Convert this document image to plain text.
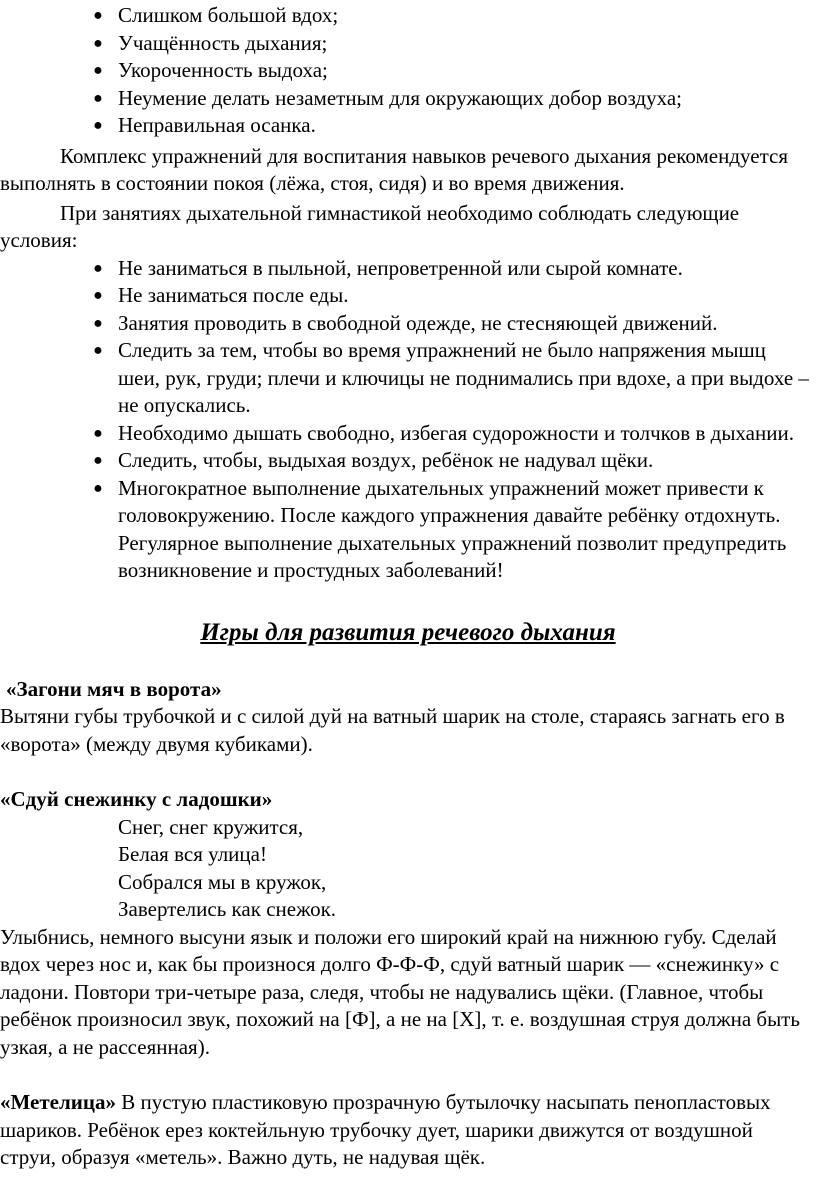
● Слишком большой вдох;
● Учащённость дыхания;
● Укороченность выдоха;
● Неумение делать незаметным для окружающих добор воздуха;
● Неправильная осанка.

Комплекс упражнений для воспитания навыков речевого дыхания рекомендуется выполнять в состоянии покоя (лёжа, стоя, сидя) и во время движения.

При занятиях дыхательной гимнастикой необходимо соблюдать следующие условия:

● Не заниматься в пыльной, непроветренной или сырой комнате.
● Не заниматься после еды.
● Занятия проводить в свободной одежде, не стесняющей движений.
● Следить за тем, чтобы во время упражнений не было напряжения мышц шеи, рук, груди; плечи и ключицы не поднимались при вдохе, а при выдохе – не опускались.
● Необходимо дышать свободно, избегая судорожности и толчков в дыхании.
● Следить, чтобы, выдыхая воздух, ребёнок не надувал щёки.
● Многократное выполнение дыхательных упражнений может привести к головокружению. После каждого упражнения давайте ребёнку отдохнуть. Регулярное выполнение дыхательных упражнений позволит предупредить возникновение и простудных заболеваний!
Игры для развития речевого дыхания

«Загони мяч в ворота»

Вытяни губы трубочкой и с силой дуй на ватный шарик на столе, стараясь загнать его в «ворота» (между двумя кубиками).

«Сдуй снежинку с ладошки»

Снег, снег кружится,

Белая вся улица!

Собрался мы в кружок,

Завертелись как снежок.

Улыбнись, немного высуни язык и положи его широкий край на нижнюю губу. Сделай вдох через нос и, как бы произнося долго Ф-Ф-Ф, сдуй ватный шарик — «снежинку» с ладони. Повтори три-четыре раза, следя, чтобы не надувались щёки. (Главное, чтобы ребёнок произносил звук, похожий на [Ф], а не на [Х], т. е. воздушная струя должна быть узкая, а не рассеянная).

«Метелица» В пустую пластиковую прозрачную бутылочку насыпать пенопластовых шариков. Ребёнок ерез коктейльную трубочку дует, шарики движутся от воздушной струи, образуя «метель». Важно дуть, не надувая щёк.
